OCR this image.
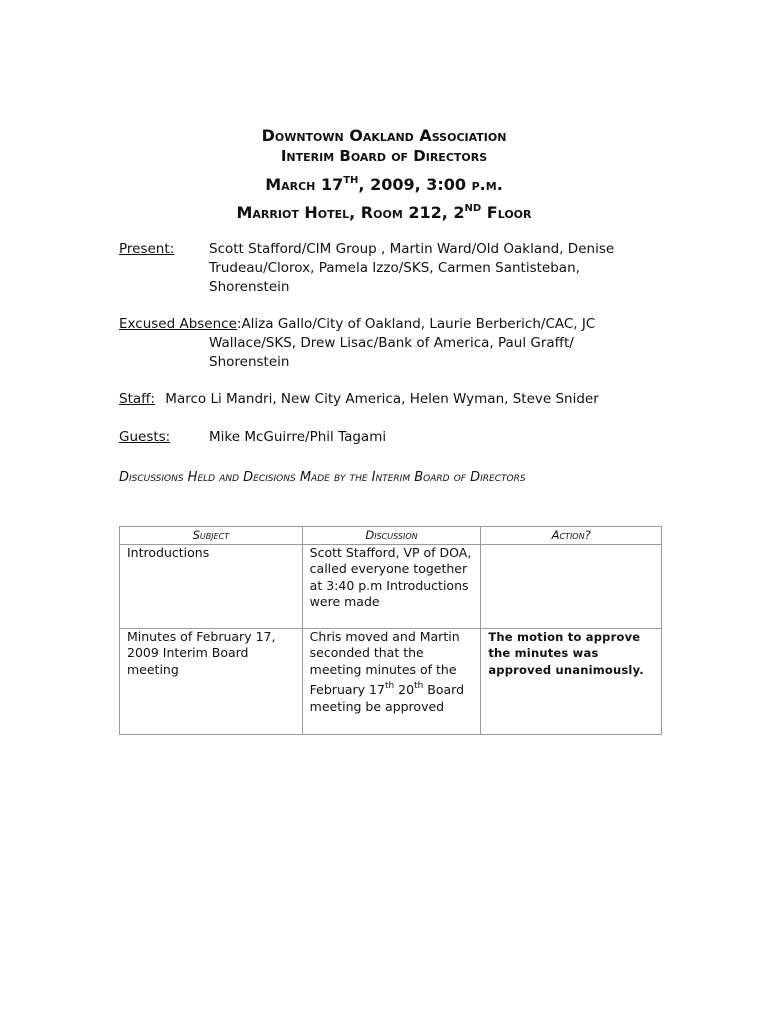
Downtown Oakland Association
Interim Board of Directors
March 17TH, 2009, 3:00 p.m.
Marriot Hotel, Room 212, 2ND Floor
Present:	Scott Stafford/CIM Group , Martin Ward/Old Oakland, Denise
Trudeau/Clorox, Pamela Izzo/SKS, Carmen Santisteban,
Shorenstein
Excused Absence:Aliza Gallo/City of Oakland, Laurie Berberich/CAC, JC
Wallace/SKS, Drew Lisac/Bank of America, Paul Grafft/
Shorenstein
Staff: Marco Li Mandri, New City America, Helen Wyman, Steve Snider
Guests:	Mike McGuirre/Phil Tagami
Discussions Held and Decisions Made by the Interim Board of Directors
Subject	Discussion	Action?
Introductions	Scott Stafford, VP of DOA, called everyone together at 3:40 p.m Introductions were made	
Minutes of February 17, 2009 Interim Board meeting	Chris moved and Martin seconded that the meeting minutes of the February 17th 20th Board meeting be approved	The motion to approve the minutes was approved unanimously.
